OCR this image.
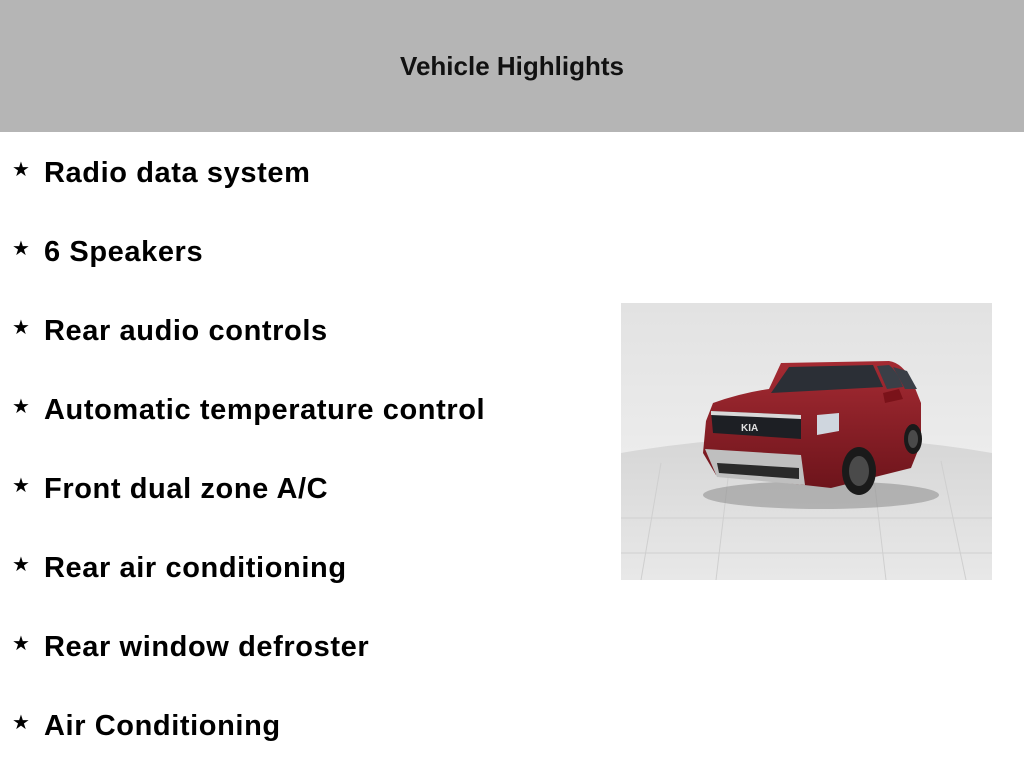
Vehicle Highlights
★ Radio data system
★ 6 Speakers
★ Rear audio controls
★ Automatic temperature control
★ Front dual zone A/C
★ Rear air conditioning
★ Rear window defroster
★ Air Conditioning
KIA
